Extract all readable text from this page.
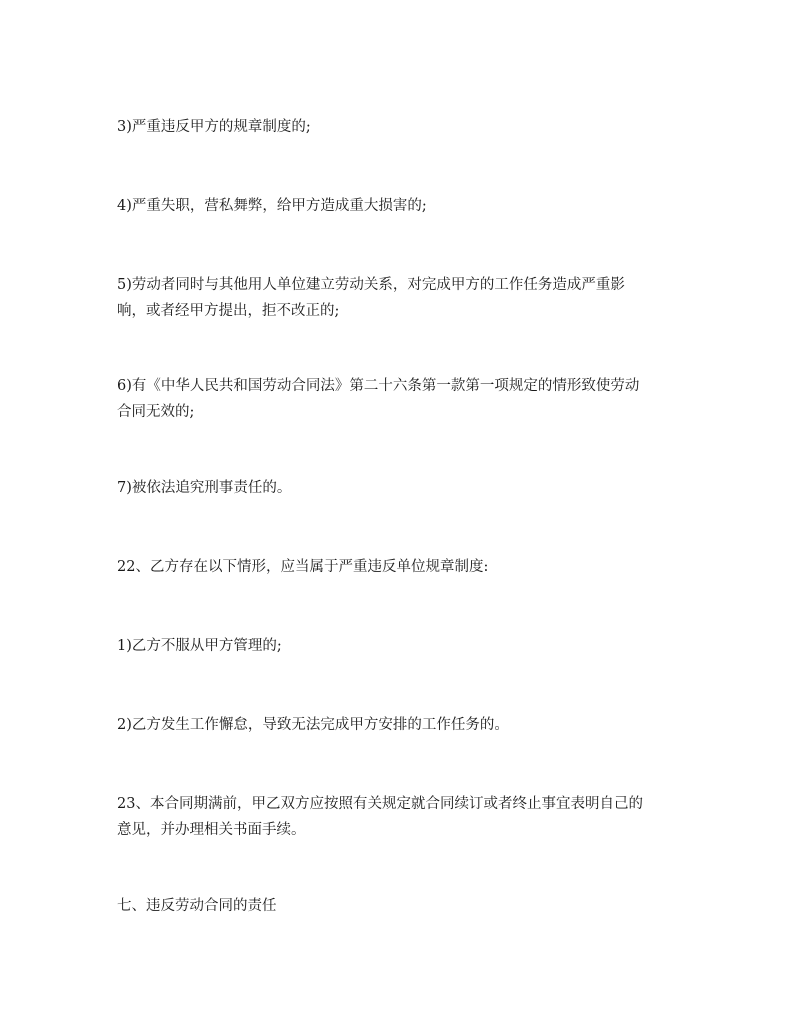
3)严重违反甲方的规章制度的;

4)严重失职，营私舞弊，给甲方造成重大损害的;

5)劳动者同时与其他用人单位建立劳动关系，对完成甲方的工作任务造成严重影
响，或者经甲方提出，拒不改正的;

6)有《中华人民共和国劳动合同法》第二十六条第一款第一项规定的情形致使劳动
合同无效的;

7)被依法追究刑事责任的。

22、乙方存在以下情形，应当属于严重违反单位规章制度:

1)乙方不服从甲方管理的;

2)乙方发生工作懈怠，导致无法完成甲方安排的工作任务的。

23、本合同期满前，甲乙双方应按照有关规定就合同续订或者终止事宜表明自己的
意见，并办理相关书面手续。

七、违反劳动合同的责任
